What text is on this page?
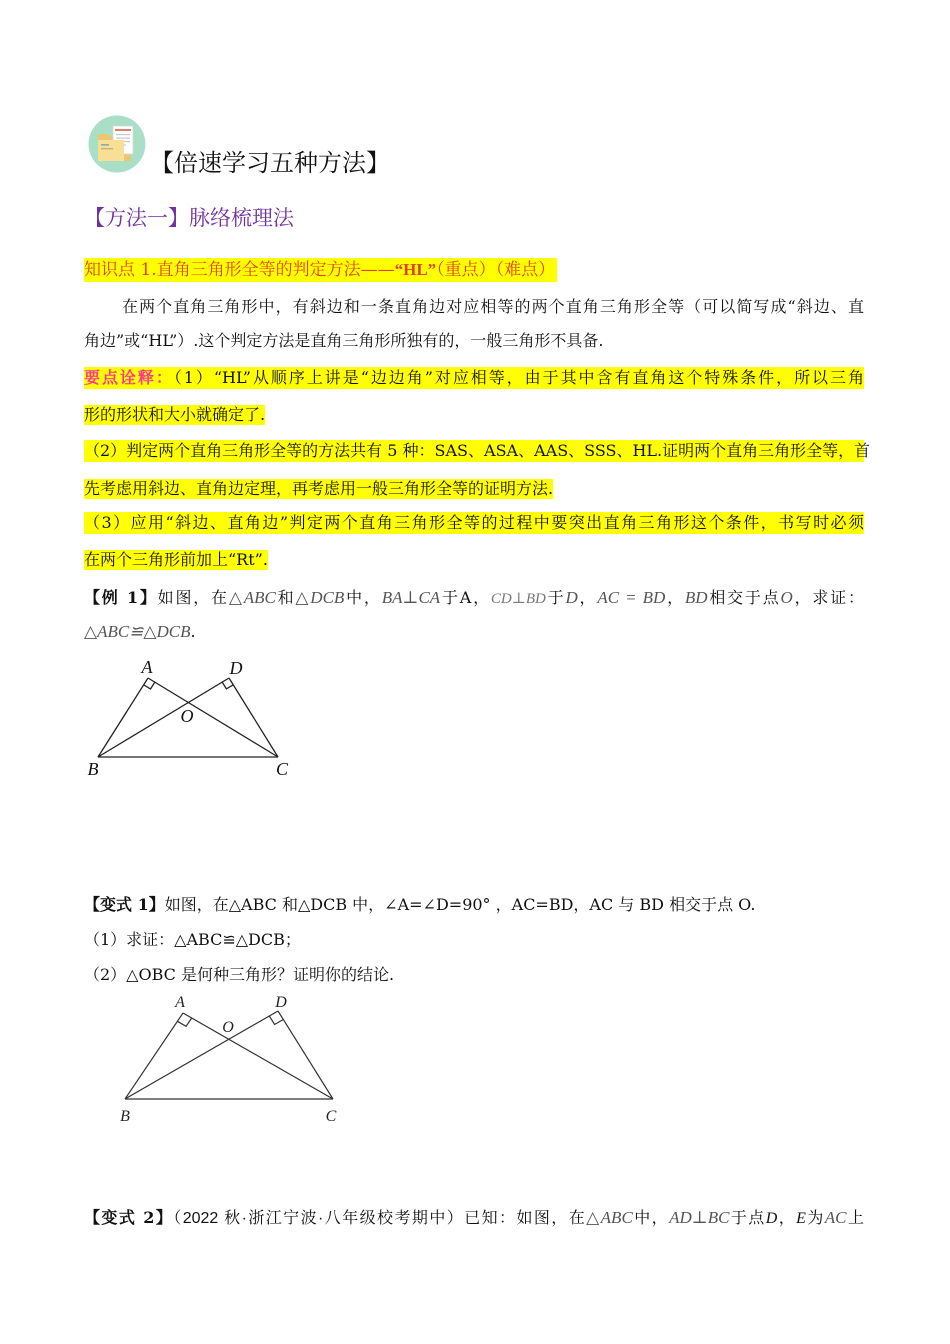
【倍速学习五种方法】
【方法一】脉络梳理法
知识点 1.直角三角形全等的判定方法——“HL”（重点）（难点）
在两个直角三角形中，有斜边和一条直角边对应相等的两个直角三角形全等（可以简写成“斜边、直
角边”或“HL”）.这个判定方法是直角三角形所独有的，一般三角形不具备.
要点诠释：（1）“HL”从顺序上讲是“边边角”对应相等，由于其中含有直角这个特殊条件，所以三角
形的形状和大小就确定了.
（2）判定两个直角三角形全等的方法共有 5 种：SAS、ASA、AAS、SSS、HL.证明两个直角三角形全等，首
先考虑用斜边、直角边定理，再考虑用一般三角形全等的证明方法.
（3）应用“斜边、直角边”判定两个直角三角形全等的过程中要突出直角三角形这个条件，书写时必须
在两个三角形前加上“Rt”.
【例 1】如图，在△ABC和△DCB中，BA⊥CA于A，CD⊥BD于D，AC = BD，BD相交于点O，求证：
△ABC≌△DCB.
A	D
O
B	C
【变式 1】如图，在△ABC 和△DCB 中，∠A=∠D=90° ，AC=BD，AC 与 BD 相交于点 O.
（1）求证：△ABC≌△DCB；
（2）△OBC 是何种三角形？证明你的结论.
A	D
O
B	C
【变式 2】（2022 秋·浙江宁波·八年级校考期中）已知：如图，在△ABC中，AD⊥BC于点D，E为AC上
